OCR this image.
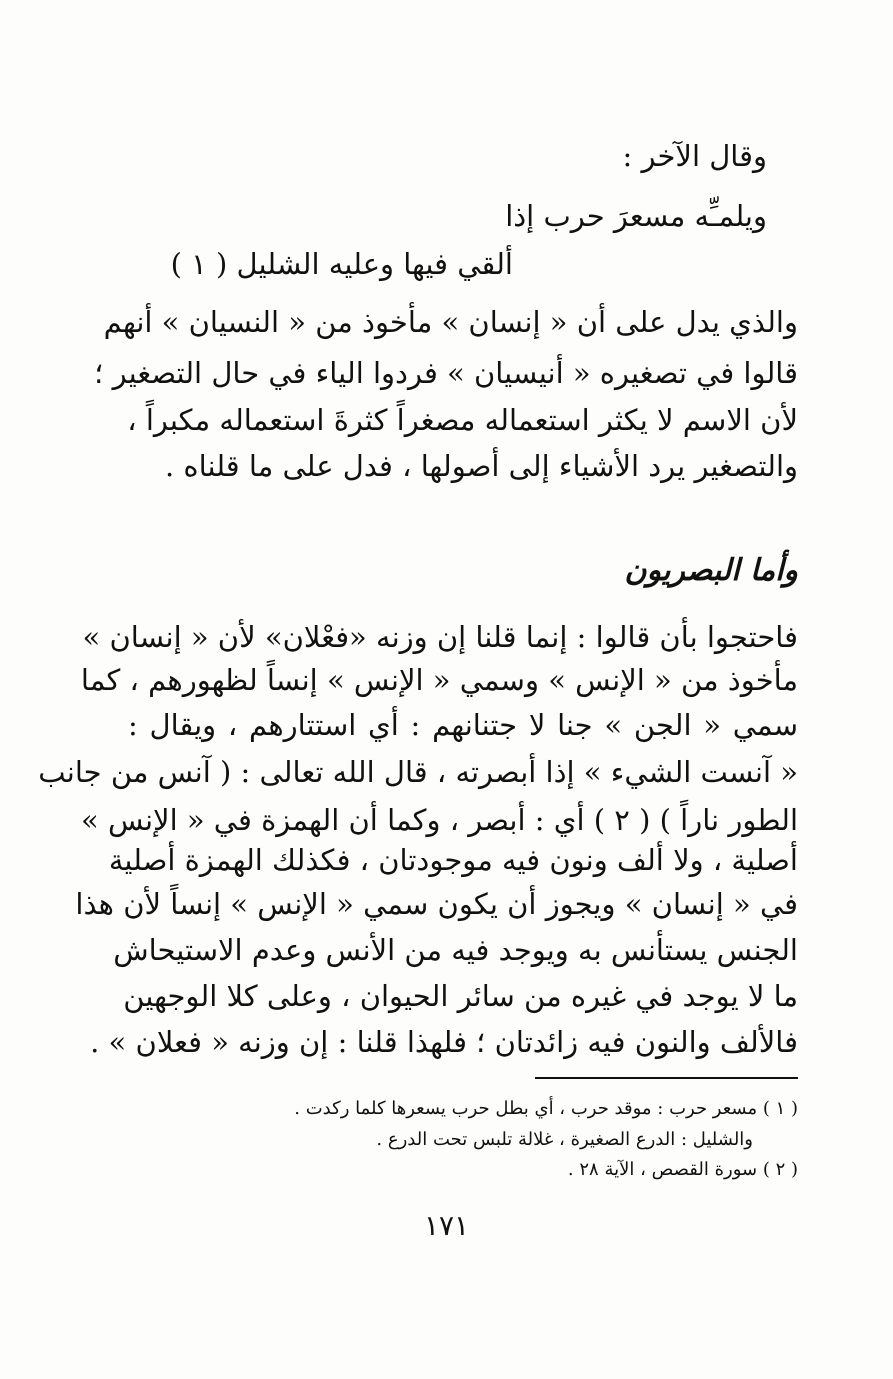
وقال الآخر :

ويلمـِّه مسعرَ حرب إذا

ألقي فيها وعليه الشليل ( ١ )

والذي يدل على أن « إنسان » مأخوذ من « النسيان » أنهم

قالوا في تصغيره « أنيسيان » فردوا الياء في حال التصغير ؛

لأن الاسم لا يكثر استعماله مصغراً كثرةَ استعماله مكبراً ،

والتصغير يرد الأشياء إلى أصولها ، فدل على ما قلناه .

وأما البصريون

فاحتجوا بأن قالوا : إنما قلنا إن وزنه «فعْلان» لأن « إنسان »

مأخوذ من « الإنس » وسمي « الإنس » إنساً لظهورهم ، كما

سمي « الجن » جنا لا جتنانهم : أي استتارهم ، ويقال :

« آنست الشيء » إذا أبصرته ، قال الله تعالى : ( آنس من جانب

الطور ناراً ) ( ٢ ) أي : أبصر ، وكما أن الهمزة في « الإنس »

أصلية ، ولا ألف ونون فيه موجودتان ، فكذلك الهمزة أصلية

في « إنسان » ويجوز أن يكون سمي « الإنس » إنساً لأن هذا

الجنس يستأنس به ويوجد فيه من الأنس وعدم الاستيحاش

ما لا يوجد في غيره من سائر الحيوان ، وعلى كلا الوجهين

فالألف والنون فيه زائدتان ؛ فلهذا قلنا : إن وزنه « فعلان » .

( ١ ) مسعر حرب : موقد حرب ، أي بطل حرب يسعرها كلما ركدت .

والشليل : الدرع الصغيرة ، غلالة تلبس تحت الدرع .

( ٢ ) سورة القصص ، الآية ٢٨ .

١٧١
